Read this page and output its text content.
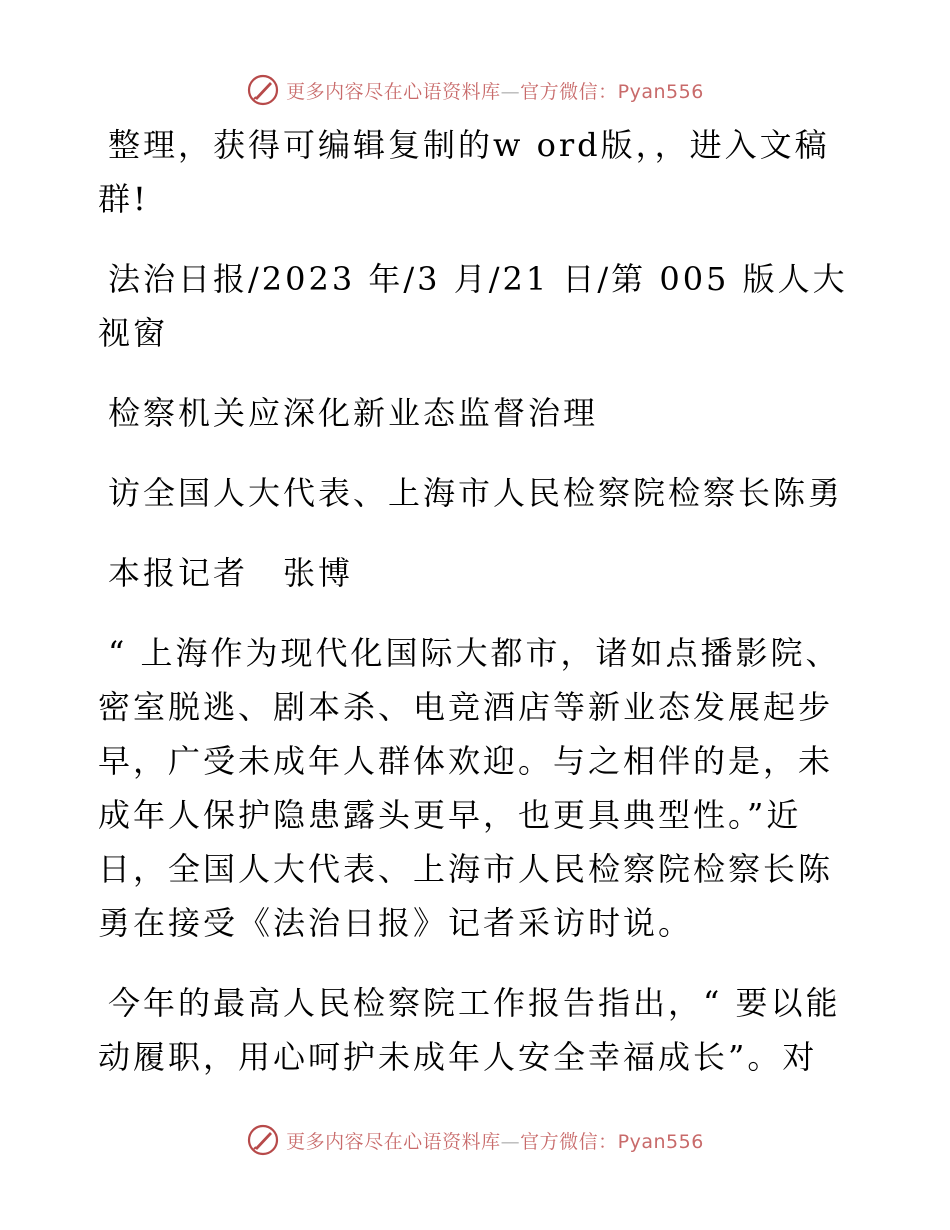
更多内容尽在心语资料库—官方微信：Pyan556

整理，获得可编辑复制的w ord版，，进入文稿群!

法治日报/2023 年/3 月/21 日/第 005 版人大视窗

检察机关应深化新业态监督治理

访全国人大代表、上海市人民检察院检察长陈勇

本报记者　张博

“ 上海作为现代化国际大都市，诸如点播影院、密室脱逃、剧本杀、电竞酒店等新业态发展起步早，广受未成年人群体欢迎。与之相伴的是，未成年人保护隐患露头更早，也更具典型性。”近日，全国人大代表、上海市人民检察院检察长陈勇在接受《法治日报》记者采访时说。

今年的最高人民检察院工作报告指出，“ 要以能动履职，用心呵护未成年人安全幸福成长”。对

更多内容尽在心语资料库—官方微信：Pyan556
